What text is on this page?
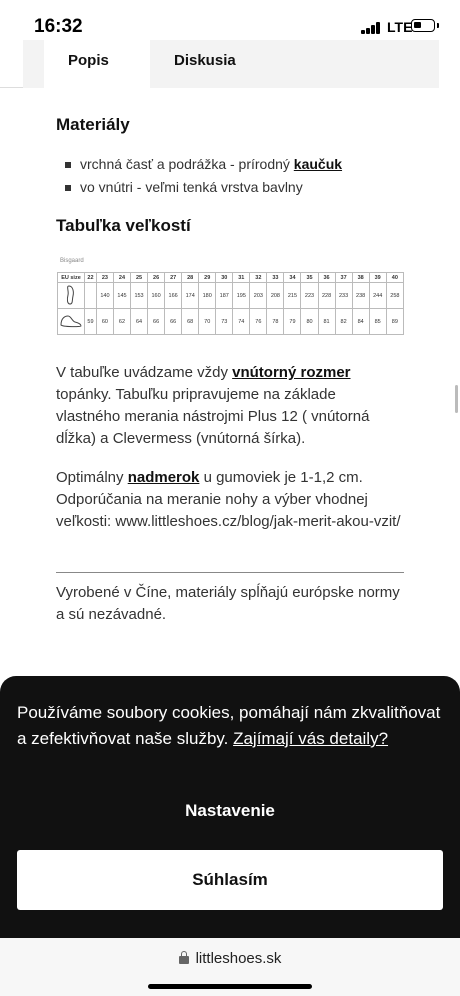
16:32	LTE
Popis	Diskusia
Materiály
vrchná časť a podrážka - prírodný kaučuk
vo vnútri - veľmi tenká vrstva bavlny
Tabuľka veľkostí
Bisgaard
EU size	22	23	24	25	26	27	28	29	30	31	32	33	34	35	36	37	38	39	40
		140	145	153	160	166	174	180	187	195	203	208	215	223	228	233	238	244	258
	59	60	62	64	66	66	68	70	73	74	76	78	79	80	81	82	84	85	89

V tabuľke uvádzame vždy vnútorný rozmer topánky. Tabuľku pripravujeme na základe vlastného merania nástrojmi Plus 12 ( vnútorná dĺžka) a Clevermess (vnútorná šírka).

Optimálny nadmerok u gumoviek je 1-1,2 cm. Odporúčania na meranie nohy a výber vhodnej veľkosti: www.littleshoes.cz/blog/jak-merit-akou-vzit/

Vyrobené v Číne, materiály spĺňajú európske normy a sú nezávadné.

Používáme soubory cookies, pomáhají nám zkvalitňovat a zefektivňovat naše služby. Zajímají vás detaily?

Nastavenie
Súhlasím
littleshoes.sk
